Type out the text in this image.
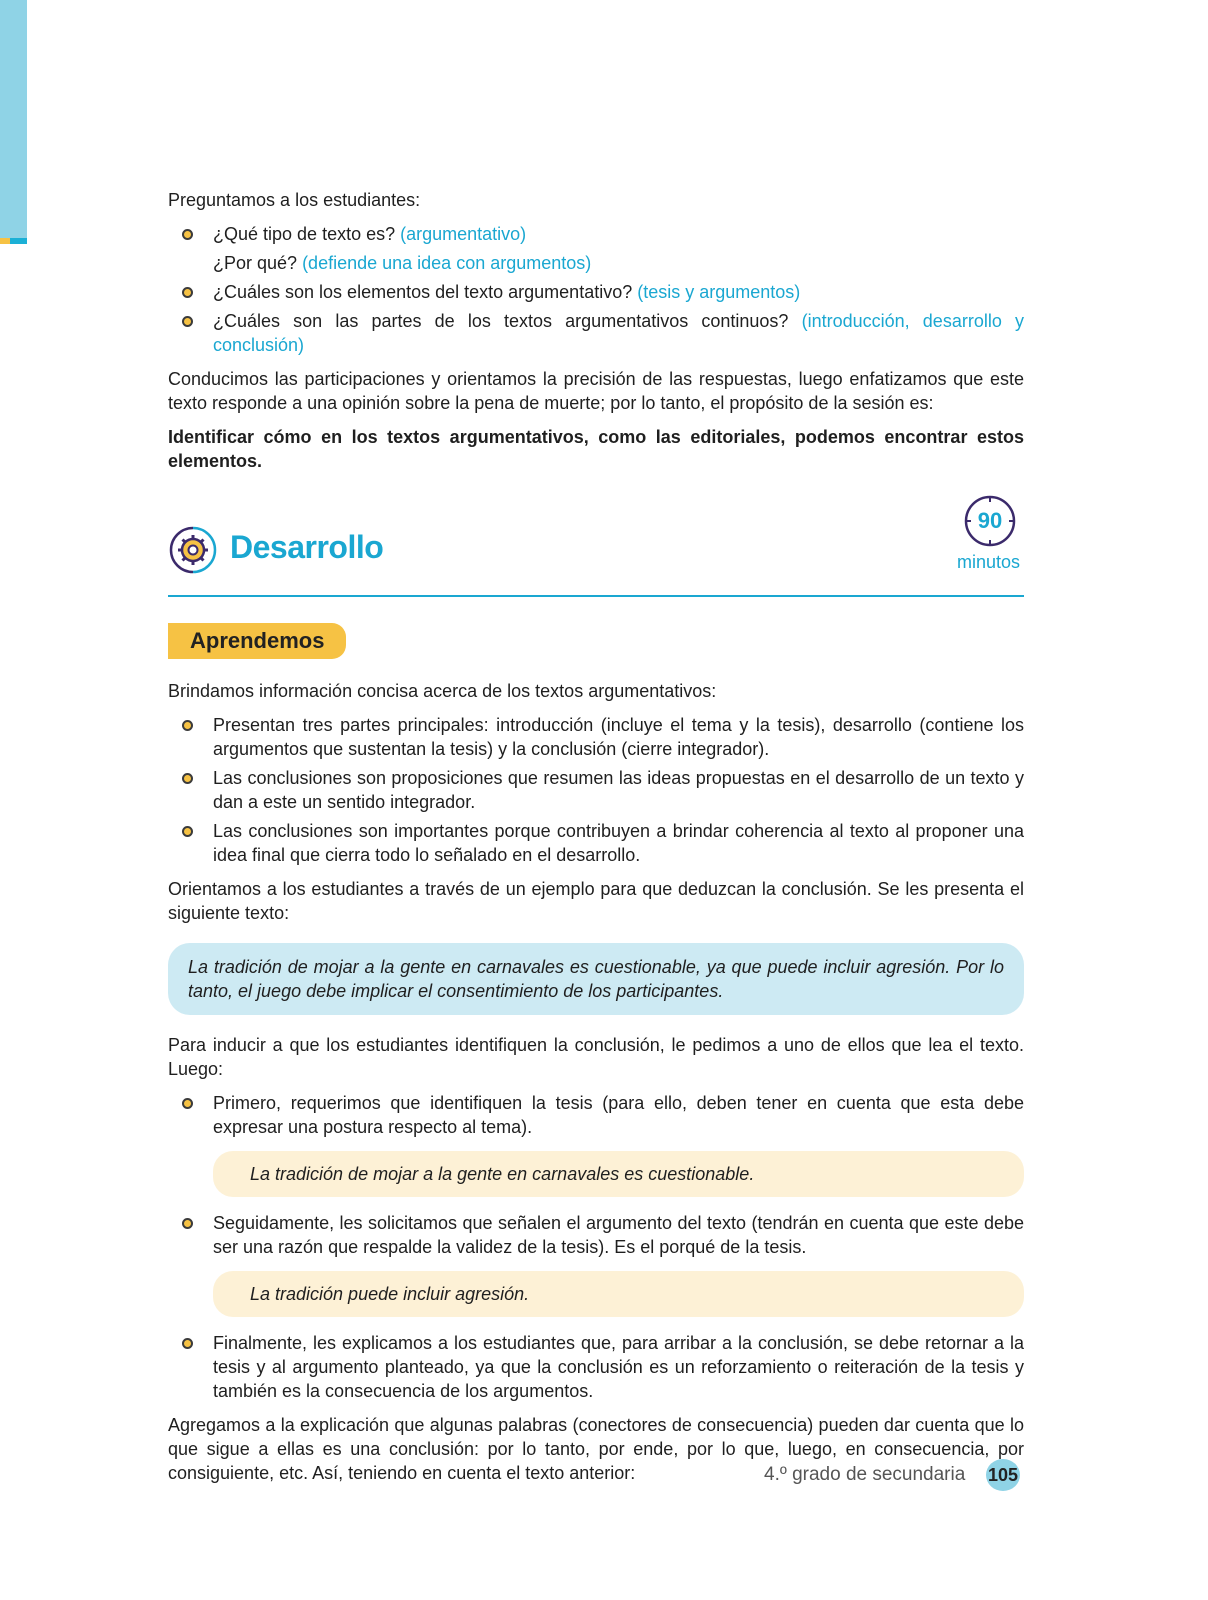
Preguntamos a los estudiantes:

¿Qué tipo de texto es? (argumentativo)
¿Por qué? (defiende una idea con argumentos)
¿Cuáles son los elementos del texto argumentativo? (tesis y argumentos)
¿Cuáles son las partes de los textos argumentativos continuos? (introducción, desarrollo y conclusión)

Conducimos las participaciones y orientamos la precisión de las respuestas, luego enfatizamos que este texto responde a una opinión sobre la pena de muerte; por lo tanto, el propósito de la sesión es:

Identificar cómo en los textos argumentativos, como las editoriales, podemos encontrar estos elementos.

Desarrollo
90
minutos
Aprendemos

Brindamos información concisa acerca de los textos argumentativos:

Presentan tres partes principales: introducción (incluye el tema y la tesis), desarrollo (contiene los argumentos que sustentan la tesis) y la conclusión (cierre integrador).
Las conclusiones son proposiciones que resumen las ideas propuestas en el desarrollo de un texto y dan a este un sentido integrador.
Las conclusiones son importantes porque contribuyen a brindar coherencia al texto al proponer una idea final que cierra todo lo señalado en el desarrollo.

Orientamos a los estudiantes a través de un ejemplo para que deduzcan la conclusión. Se les presenta el siguiente texto:

La tradición de mojar a la gente en carnavales es cuestionable, ya que puede incluir agresión. Por lo tanto, el juego debe implicar el consentimiento de los participantes.

Para inducir a que los estudiantes identifiquen la conclusión, le pedimos a uno de ellos que lea el texto. Luego:

Primero, requerimos que identifiquen la tesis (para ello, deben tener en cuenta que esta debe expresar una postura respecto al tema).

La tradición de mojar a la gente en carnavales es cuestionable.

Seguidamente, les solicitamos que señalen el argumento del texto (tendrán en cuenta que este debe ser una razón que respalde la validez de la tesis). Es el porqué de la tesis.

La tradición puede incluir agresión.

Finalmente, les explicamos a los estudiantes que, para arribar a la conclusión, se debe retornar a la tesis y al argumento planteado, ya que la conclusión es un reforzamiento o reiteración de la tesis y también es la consecuencia de los argumentos.

Agregamos a la explicación que algunas palabras (conectores de consecuencia) pueden dar cuenta que lo que sigue a ellas es una conclusión: por lo tanto, por ende, por lo que, luego, en consecuencia, por consiguiente, etc. Así, teniendo en cuenta el texto anterior:	4.º grado de secundaria 105
